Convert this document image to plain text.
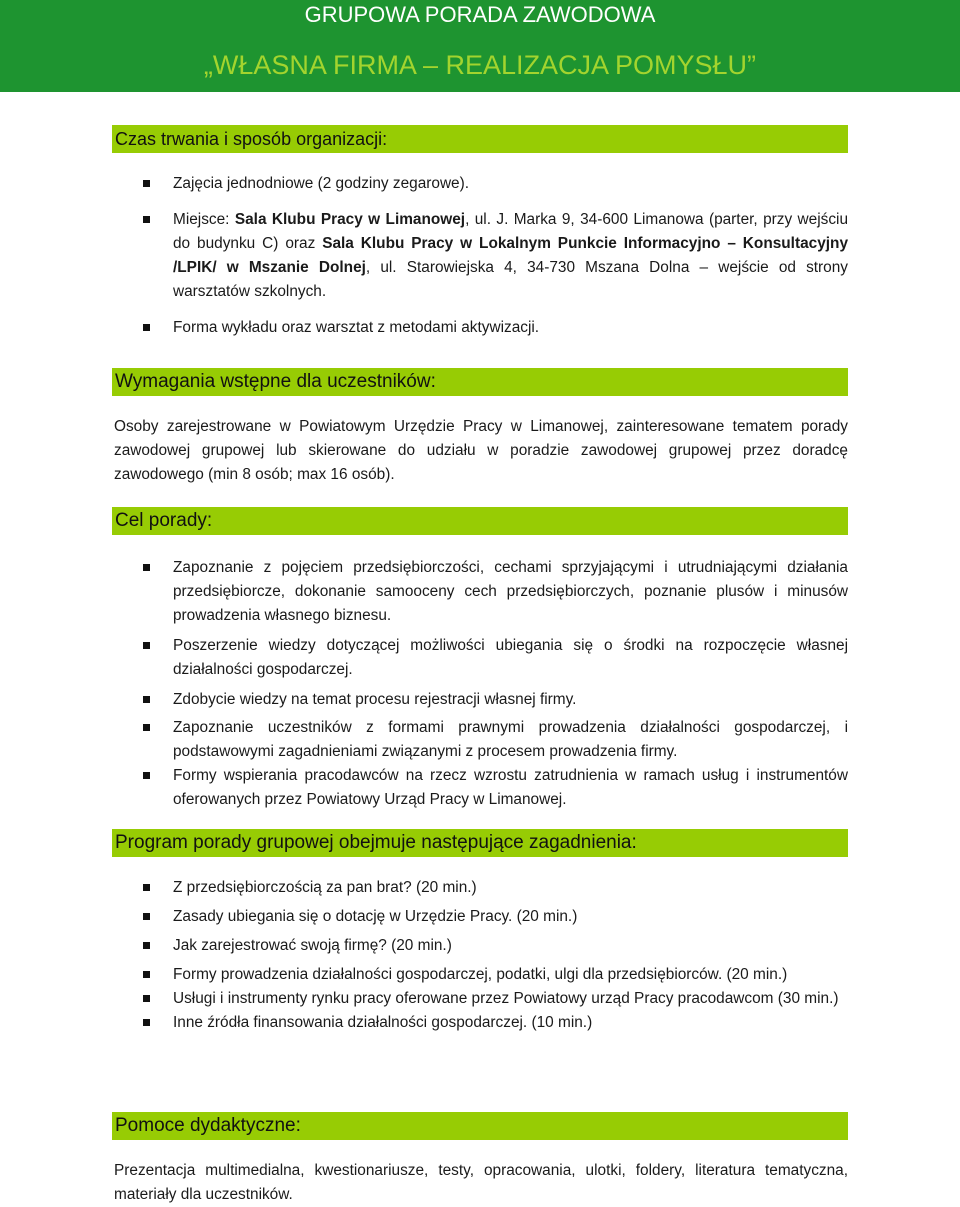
GRUPOWA PORADA ZAWODOWA
„WŁASNA FIRMA – REALIZACJA POMYSŁU”
Czas trwania i sposób organizacji:
Zajęcia jednodniowe (2 godziny zegarowe).
Miejsce: Sala Klubu Pracy w Limanowej, ul. J. Marka 9, 34-600 Limanowa (parter, przy wejściu do budynku C) oraz Sala Klubu Pracy w Lokalnym Punkcie Informacyjno – Konsultacyjny /LPIK/ w Mszanie Dolnej, ul. Starowiejska 4, 34-730 Mszana Dolna – wejście od strony warsztatów szkolnych.
Forma wykładu oraz warsztat z metodami aktywizacji.
Wymagania wstępne dla uczestników:

Osoby zarejestrowane w Powiatowym Urzędzie Pracy w Limanowej, zainteresowane tematem porady zawodowej grupowej lub skierowane do udziału w poradzie zawodowej grupowej przez doradcę zawodowego (min 8 osób; max 16 osób).

Cel porady:
Zapoznanie z pojęciem przedsiębiorczości, cechami sprzyjającymi i utrudniającymi działania przedsiębiorcze, dokonanie samooceny cech przedsiębiorczych, poznanie plusów i minusów prowadzenia własnego biznesu.
Poszerzenie wiedzy dotyczącej możliwości ubiegania się o środki na rozpoczęcie własnej działalności gospodarczej.
Zdobycie wiedzy na temat procesu rejestracji własnej firmy.
Zapoznanie uczestników z formami prawnymi prowadzenia działalności gospodarczej, i podstawowymi zagadnieniami związanymi z procesem prowadzenia firmy.
Formy wspierania pracodawców na rzecz wzrostu zatrudnienia w ramach usług i instrumentów oferowanych przez Powiatowy Urząd Pracy w Limanowej.
Program porady grupowej obejmuje następujące zagadnienia:
Z przedsiębiorczością za pan brat? (20 min.)
Zasady ubiegania się o dotację w Urzędzie Pracy. (20 min.)
Jak zarejestrować swoją firmę? (20 min.)
Formy prowadzenia działalności gospodarczej, podatki, ulgi dla przedsiębiorców. (20 min.)
Usługi i instrumenty rynku pracy oferowane przez Powiatowy urząd Pracy pracodawcom (30 min.)
Inne źródła finansowania działalności gospodarczej. (10 min.)
Pomoce dydaktyczne:

Prezentacja multimedialna, kwestionariusze, testy, opracowania, ulotki, foldery, literatura tematyczna, materiały dla uczestników.
